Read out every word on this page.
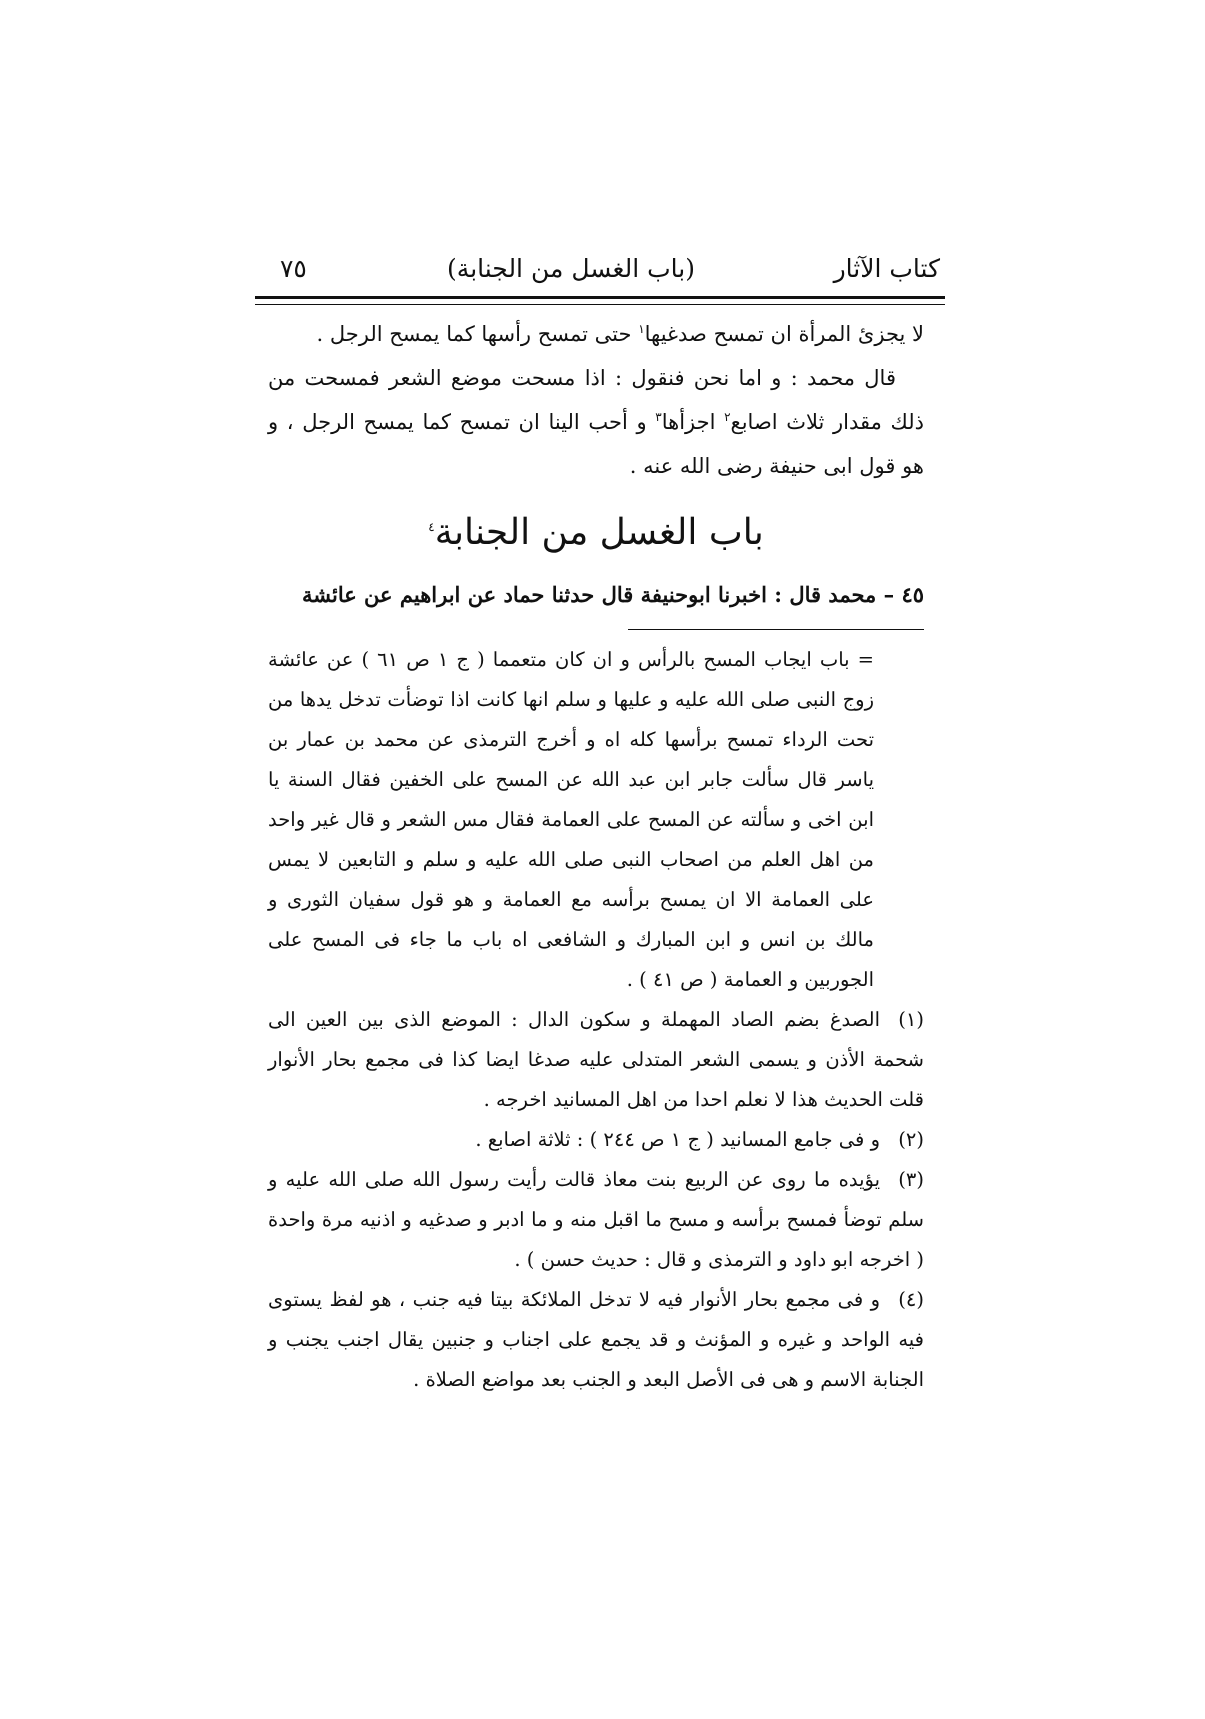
كتاب الآثار
(باب الغسل من الجنابة)
٧٥

لا يجزئ المرأة ان تمسح صدغيها$^١$ حتى تمسح رأسها كما يمسح الرجل .

قال محمد : و اما نحن فنقول : اذا مسحت موضع الشعر فمسحت من ذلك مقدار ثلاث اصابع$^٢$ اجزأها$^٣$ و أحب الينا ان تمسح كما يمسح الرجل ، و هو قول ابى حنيفة رضى الله عنه .

باب الغسل من الجنابة$^٤$
٤٥ – محمد قال : اخبرنا ابوحنيفة قال حدثنا حماد عن ابراهيم عن عائشة

= باب ايجاب المسح بالرأس و ان كان متعمما ( ج ١ ص ٦١ ) عن عائشة زوج النبى صلى الله عليه و عليها و سلم انها كانت اذا توضأت تدخل يدها من تحت الرداء تمسح برأسها كله اه و أخرج الترمذى عن محمد بن عمار بن ياسر قال سألت جابر ابن عبد الله عن المسح على الخفين فقال السنة يا ابن اخى و سألته عن المسح على العمامة فقال مس الشعر و قال غير واحد من اهل العلم من اصحاب النبى صلى الله عليه و سلم و التابعين لا يمس على العمامة الا ان يمسح برأسه مع العمامة و هو قول سفيان الثورى و مالك بن انس و ابن المبارك و الشافعى اه باب ما جاء فى المسح على الجوربين و العمامة ( ص ٤١ ) .

(١)الصدغ بضم الصاد المهملة و سكون الدال : الموضع الذى بين العين الى شحمة الأذن و يسمى الشعر المتدلى عليه صدغا ايضا كذا فى مجمع بحار الأنوار قلت الحديث هذا لا نعلم احدا من اهل المسانيد اخرجه .

(٢)و فى جامع المسانيد ( ج ١ ص ٢٤٤ ) : ثلاثة اصابع .

(٣)يؤيده ما روى عن الربيع بنت معاذ قالت رأيت رسول الله صلى الله عليه و سلم توضأ فمسح برأسه و مسح ما اقبل منه و ما ادبر و صدغيه و اذنيه مرة واحدة ( اخرجه ابو داود و الترمذى و قال : حديث حسن ) .

(٤)و فى مجمع بحار الأنوار فيه لا تدخل الملائكة بيتا فيه جنب ، هو لفظ يستوى فيه الواحد و غيره و المؤنث و قد يجمع على اجناب و جنبين يقال اجنب يجنب و الجنابة الاسم و هى فى الأصل البعد و الجنب بعد مواضع الصلاة .
